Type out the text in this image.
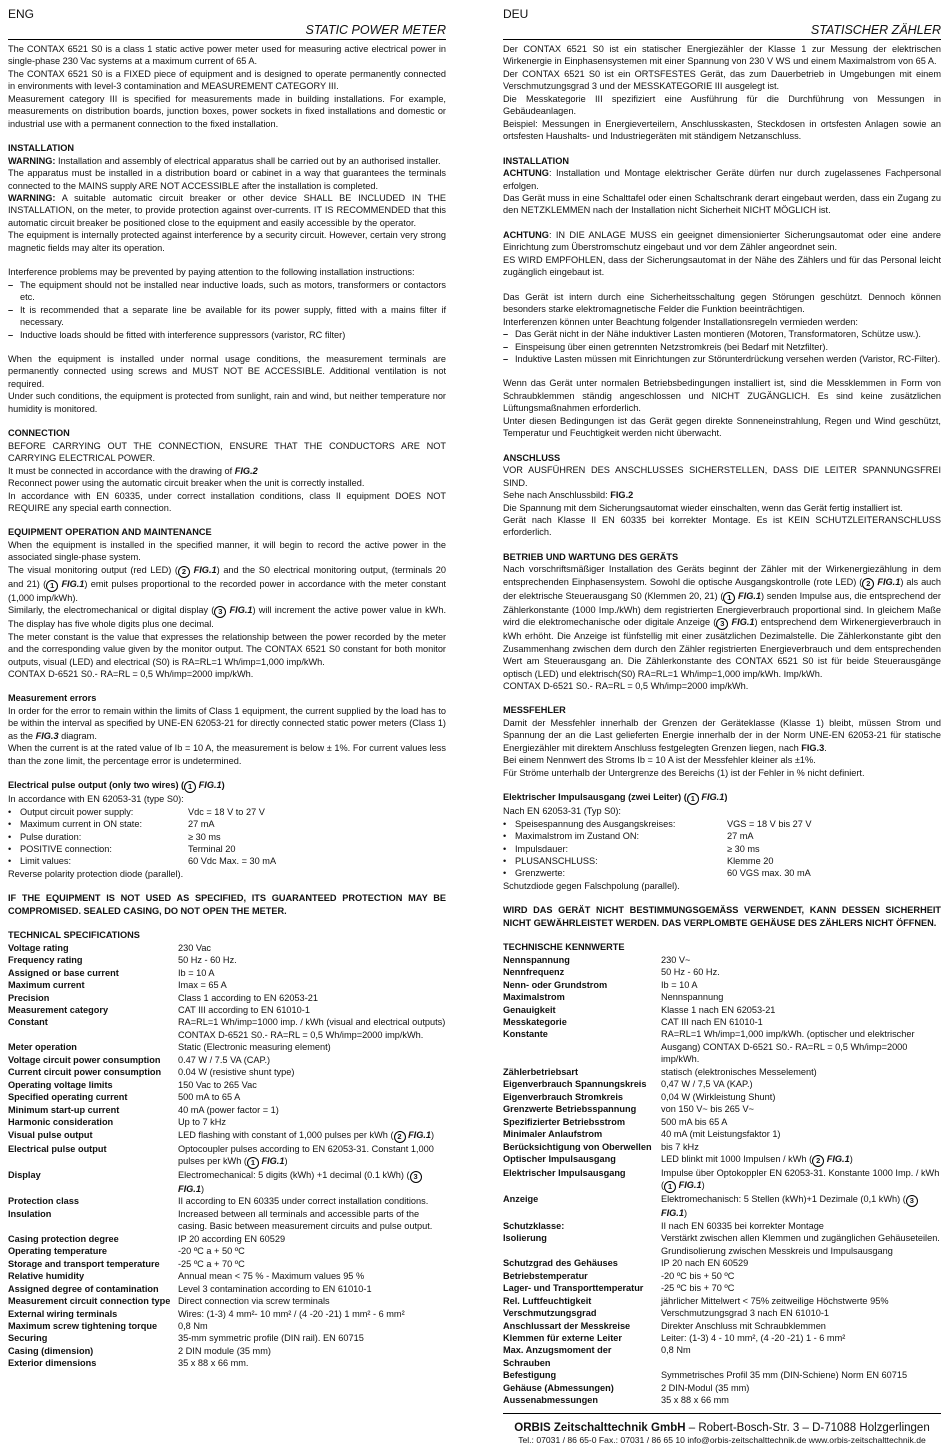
ENG
STATIC POWER METER

The CONTAX 6521 S0 is a class 1 static active power meter used for measuring active electrical power in single-phase 230 Vac systems at a maximum current of 65 A.

The CONTAX 6521 S0 is a FIXED piece of equipment and is designed to operate permanently connected in environments with level-3 contamination and MEASUREMENT CATEGORY III.

Measurement category III is specified for measurements made in building installations. For example, measurements on distribution boards, junction boxes, power sockets in fixed installations and domestic or industrial use with a permanent connection to the fixed installation.

INSTALLATION

WARNING: Installation and assembly of electrical apparatus shall be carried out by an authorised installer.

The apparatus must be installed in a distribution board or cabinet in a way that guarantees the terminals connected to the MAINS supply ARE NOT ACCESSIBLE after the installation is completed.

WARNING: A suitable automatic circuit breaker or other device SHALL BE INCLUDED IN THE INSTALLATION, on the meter, to provide protection against over-currents. IT IS RECOMMENDED that this automatic circuit breaker be positioned close to the equipment and easily accessible by the operator.

The equipment is internally protected against interference by a security circuit. However, certain very strong magnetic fields may alter its operation.

Interference problems may be prevented by paying attention to the following installation instructions:

– The equipment should not be installed near inductive loads, such as motors, transformers or contactors etc.
– It is recommended that a separate line be available for its power supply, fitted with a mains filter if necessary.
– Inductive loads should be fitted with interference suppressors (varistor, RC filter)

When the equipment is installed under normal usage conditions, the measurement terminals are permanently connected using screws and MUST NOT BE ACCESSIBLE. Additional ventilation is not required.

Under such conditions, the equipment is protected from sunlight, rain and wind, but neither temperature nor humidity is monitored.

CONNECTION

BEFORE CARRYING OUT THE CONNECTION, ENSURE THAT THE CONDUCTORS ARE NOT CARRYING ELECTRICAL POWER.

It must be connected in accordance with the drawing of FIG.2

Reconnect power using the automatic circuit breaker when the unit is correctly installed.

In accordance with EN 60335, under correct installation conditions, class II equipment DOES NOT REQUIRE any special earth connection.

EQUIPMENT OPERATION AND MAINTENANCE

When the equipment is installed in the specified manner, it will begin to record the active power in the associated single-phase system.

The visual monitoring output (red LED) ( 2 FIG.1) and the S0 electrical monitoring output, (terminals 20 and 21) ( 1 FIG.1) emit pulses proportional to the recorded power in accordance with the meter constant (1,000 imp/kWh).

Similarly, the electromechanical or digital display ( 3 FIG.1) will increment the active power value in kWh. The display has five whole digits plus one decimal.

The meter constant is the value that expresses the relationship between the power recorded by the meter and the corresponding value given by the monitor output. The CONTAX 6521 S0 constant for both monitor outputs, visual (LED) and electrical (S0) is RA=RL=1 Wh/imp=1,000 imp/kWh.

CONTAX D-6521 S0.- RA=RL = 0,5 Wh/imp=2000 imp/kWh.

Measurement errors

In order for the error to remain within the limits of Class 1 equipment, the current supplied by the load has to be within the interval as specified by UNE-EN 62053-21 for directly connected static power meters (Class 1) as the FIG.3 diagram.

When the current is at the rated value of Ib = 10 A, the measurement is below ± 1%. For current values less than the zone limit, the percentage error is undetermined.

Electrical pulse output (only two wires) ( 1 FIG.1)

In accordance with EN 62053-31 (type S0):

•
Output circuit power supply:	Vdc = 18 V to 27 V
•
Maximum current in ON state:	27 mA
•
Pulse duration:	≥ 30 ms
•
POSITIVE connection:	Terminal 20
•
Limit values:	60 Vdc Max. = 30 mA

Reverse polarity protection diode (parallel).

IF THE EQUIPMENT IS NOT USED AS SPECIFIED, ITS GUARANTEED PROTECTION MAY BE COMPROMISED. SEALED CASING, DO NOT OPEN THE METER.

TECHNICAL SPECIFICATIONS

Voltage rating	230 Vac
Frequency rating	50 Hz - 60 Hz.
Assigned or base current	Ib = 10 A
Maximum current	Imax = 65 A
Precision	Class 1 according to EN 62053-21
Measurement category	CAT III according to EN 61010-1
Constant	RA=RL=1 Wh/imp=1000 imp. / kWh (visual and electrical outputs)
	CONTAX D-6521 S0.- RA=RL = 0,5 Wh/imp=2000 imp/kWh.
Meter operation	Static (Electronic measuring element)
Voltage circuit power consumption	0.47 W / 7.5 VA (CAP.)
Current circuit power consumption	0.04 W (resistive shunt type)
Operating voltage limits	150 Vac to 265 Vac
Specified operating current	500 mA to 65 A
Minimum start-up current	40 mA (power factor = 1)
Harmonic consideration	Up to 7 kHz
Visual pulse output	LED flashing with constant of 1,000 pulses per kWh ( 2 FIG.1)
Electrical pulse output	Optocoupler pulses according to EN 62053-31. Constant 1,000 pulses per kWh ( 1 FIG.1)
Display	Electromechanical: 5 digits (kWh) +1 decimal (0.1 kWh) ( 3 FIG.1)
Protection class	II according to EN 60335 under correct installation conditions.
Insulation	Increased between all terminals and accessible parts of the casing. Basic between measurement circuits and pulse output.
Casing protection degree	IP 20 according EN 60529
Operating temperature	-20 ºC a + 50 ºC
Storage and transport temperature	-25 ºC a + 70 ºC
Relative humidity	Annual mean < 75 % - Maximum values 95 %
Assigned degree of contamination	Level 3 contamination according to EN 61010-1
Measurement circuit connection type	Direct connection via screw terminals
External wiring terminals	Wires: (1-3) 4 mm²- 10 mm² / (4 -20 -21) 1 mm² - 6 mm²
Maximum screw tightening torque	0,8 Nm
Securing	35-mm symmetric profile (DIN rail). EN 60715
Casing (dimension)	2 DIN module (35 mm)
Exterior dimensions	35 x 88 x 66 mm.
DEU
STATISCHER ZÄHLER

Der CONTAX 6521 S0 ist ein statischer Energiezähler der Klasse 1 zur Messung der elektrischen Wirkenergie in Einphasensystemen mit einer Spannung von 230 V WS und einem Maximalstrom von 65 A.

Der CONTAX 6521 S0 ist ein ORTSFESTES Gerät, das zum Dauerbetrieb in Umgebungen mit einem Verschmutzungsgrad 3 und der MESSKATEGORIE III ausgelegt ist.

Die Messkategorie III spezifiziert eine Ausführung für die Durchführung von Messungen in Gebäudeanlagen.

Beispiel: Messungen in Energieverteilern, Anschlusskasten, Steckdosen in ortsfesten Anlagen sowie an ortsfesten Haushalts- und Industriegeräten mit ständigem Netzanschluss.

INSTALLATION

ACHTUNG: Installation und Montage elektrischer Geräte dürfen nur durch zugelassenes Fachpersonal erfolgen.

Das Gerät muss in eine Schalttafel oder einen Schaltschrank derart eingebaut werden, dass ein Zugang zu den NETZKLEMMEN nach der Installation nicht Sicherheit NICHT MÖGLICH ist.

ACHTUNG: IN DIE ANLAGE MUSS ein geeignet dimensionierter Sicherungsautomat oder eine andere Einrichtung zum Überstromschutz eingebaut und vor dem Zähler angeordnet sein.

ES WIRD EMPFOHLEN, dass der Sicherungsautomat in der Nähe des Zählers und für das Personal leicht zugänglich eingebaut ist.

Das Gerät ist intern durch eine Sicherheitsschaltung gegen Störungen geschützt. Dennoch können besonders starke elektromagnetische Felder die Funktion beeinträchtigen.

Interferenzen können unter Beachtung folgender Installationsregeln vermieden werden:

– Das Gerät nicht in der Nähe induktiver Lasten montieren (Motoren, Transformatoren, Schütze usw.).
– Einspeisung über einen getrennten Netzstromkreis (bei Bedarf mit Netzfilter).
– Induktive Lasten müssen mit Einrichtungen zur Störunterdrückung versehen werden (Varistor, RC-Filter).

Wenn das Gerät unter normalen Betriebsbedingungen installiert ist, sind die Messklemmen in Form von Schraubklemmen ständig angeschlossen und NICHT ZUGÄNGLICH. Es sind keine zusätzlichen Lüftungsmaßnahmen erforderlich.

Unter diesen Bedingungen ist das Gerät gegen direkte Sonneneinstrahlung, Regen und Wind geschützt, Temperatur und Feuchtigkeit werden nicht überwacht.

ANSCHLUSS

VOR AUSFÜHREN DES ANSCHLUSSES SICHERSTELLEN, DASS DIE LEITER SPANNUNGSFREI SIND.

Sehe nach Anschlussbild: FIG.2

Die Spannung mit dem Sicherungsautomat wieder einschalten, wenn das Gerät fertig installiert ist.

Gerät nach Klasse II EN 60335 bei korrekter Montage. Es ist KEIN SCHUTZLEITERANSCHLUSS erforderlich.

BETRIEB UND WARTUNG DES GERÄTS

Nach vorschriftsmäßiger Installation des Geräts beginnt der Zähler mit der Wirkenergiezählung in dem entsprechenden Einphasensystem. Sowohl die optische Ausgangskontrolle (rote LED) ( 2 FIG.1) als auch der elektrische Steuerausgang S0 (Klemmen 20, 21) ( 1 FIG.1) senden Impulse aus, die entsprechend der Zählerkonstante (1000 Imp./kWh) dem registrierten Energieverbrauch proportional sind. In gleichem Maße wird die elektromechanische oder digitale Anzeige ( 3 FIG.1) entsprechend dem Wirkenergieverbrauch in kWh erhöht. Die Anzeige ist fünfstellig mit einer zusätzlichen Dezimalstelle. Die Zählerkonstante gibt den Zusammenhang zwischen dem durch den Zähler registrierten Energieverbrauch und dem entsprechenden Wert am Steuerausgang an. Die Zählerkonstante des CONTAX 6521 S0 ist für beide Steuerausgänge optisch (LED) und elektrisch(S0) RA=RL=1 Wh/imp=1,000 imp/kWh. Imp/kWh.

CONTAX D-6521 S0.- RA=RL = 0,5 Wh/imp=2000 imp/kWh.

MESSFEHLER

Damit der Messfehler innerhalb der Grenzen der Geräteklasse (Klasse 1) bleibt, müssen Strom und Spannung der an die Last gelieferten Energie innerhalb der in der Norm UNE-EN 62053-21 für statische Energiezähler mit direktem Anschluss festgelegten Grenzen liegen, nach FIG.3.

Bei einem Nennwert des Stroms Ib = 10 A ist der Messfehler kleiner als ±1%.

Für Ströme unterhalb der Untergrenze des Bereichs (1) ist der Fehler in % nicht definiert.

Elektrischer Impulsausgang (zwei Leiter) ( 1 FIG.1)

Nach EN 62053-31 (Typ S0):

•
Speisespannung des Ausgangskreises:	VGS = 18 V bis 27 V
•
Maximalstrom im Zustand ON:	27 mA
•
Impulsdauer:	≥ 30 ms
•
PLUSANSCHLUSS:	Klemme 20
•
Grenzwerte:	60 VGS max. 30 mA

Schutzdiode gegen Falschpolung (parallel).

WIRD DAS GERÄT NICHT BESTIMMUNGSGEMÄSS VERWENDET, KANN DESSEN SICHERHEIT NICHT GEWÄHRLEISTET WERDEN. DAS VERPLOMBTE GEHÄUSE DES ZÄHLERS NICHT ÖFFNEN.

TECHNISCHE KENNWERTE

Nennspannung	230 V~
Nennfrequenz	50 Hz - 60 Hz.
Nenn- oder Grundstrom	Ib = 10 A
Maximalstrom	Nennspannung
Genauigkeit	Klasse 1 nach EN 62053-21
Messkategorie	CAT III nach EN 61010-1
Konstante	RA=RL=1 Wh/imp=1,000 imp/kWh. (optischer und elektrischer Ausgang) CONTAX D-6521 S0.- RA=RL = 0,5 Wh/imp=2000 imp/kWh.
Zählerbetriebsart	statisch (elektronisches Messelement)
Eigenverbrauch Spannungskreis	0,47 W / 7,5 VA (KAP.)
Eigenverbrauch Stromkreis	0,04 W (Wirkleistung Shunt)
Grenzwerte Betriebsspannung	von 150 V~ bis 265 V~
Spezifizierter Betriebsstrom	500 mA bis 65 A
Minimaler Anlaufstrom	40 mA (mit Leistungsfaktor 1)
Berücksichtigung von Oberwellen	bis 7 kHz
Optischer Impulsausgang	LED blinkt mit 1000 Impulsen / kWh ( 2 FIG.1)
Elektrischer Impulsausgang	Impulse über Optokoppler EN 62053-31. Konstante 1000 Imp. / kWh ( 1 FIG.1)
Anzeige	Elektromechanisch: 5 Stellen (kWh)+1 Dezimale (0,1 kWh) ( 3 FIG.1)
Schutzklasse:	II nach EN 60335 bei korrekter Montage
Isolierung	Verstärkt zwischen allen Klemmen und zugänglichen Gehäuseteilen. Grundisolierung zwischen Messkreis und Impulsausgang
Schutzgrad des Gehäuses	IP 20 nach EN 60529
Betriebstemperatur	-20 ºC bis + 50 ºC
Lager- und Transporttemperatur	-25 ºC bis + 70 ºC
Rel. Luftfeuchtigkeit	jährlicher Mittelwert < 75% zeitweilige Höchstwerte 95%
Verschmutzungsgrad	Verschmutzungsgrad 3 nach EN 61010-1
Anschlussart der Messkreise	Direkter Anschluss mit Schraubklemmen
Klemmen für externe Leiter	Leiter: (1-3) 4 - 10 mm², (4 -20 -21) 1 - 6 mm²
Max. Anzugsmoment der Schrauben	0,8 Nm
Befestigung	Symmetrisches Profil 35 mm (DIN-Schiene) Norm EN 60715
Gehäuse (Abmessungen)	2 DIN-Modul (35 mm)
Aussenabmessungen	35 x 88 x 66 mm
ORBIS Zeitschalttechnik GmbH – Robert-Bosch-Str. 3 – D-71088 Holzgerlingen
Tel.: 07031 / 86 65-0 Fax.: 07031 / 86 65 10 info@orbis-zeitschalttechnik.de www.orbis-zeitschalttechnik.de
